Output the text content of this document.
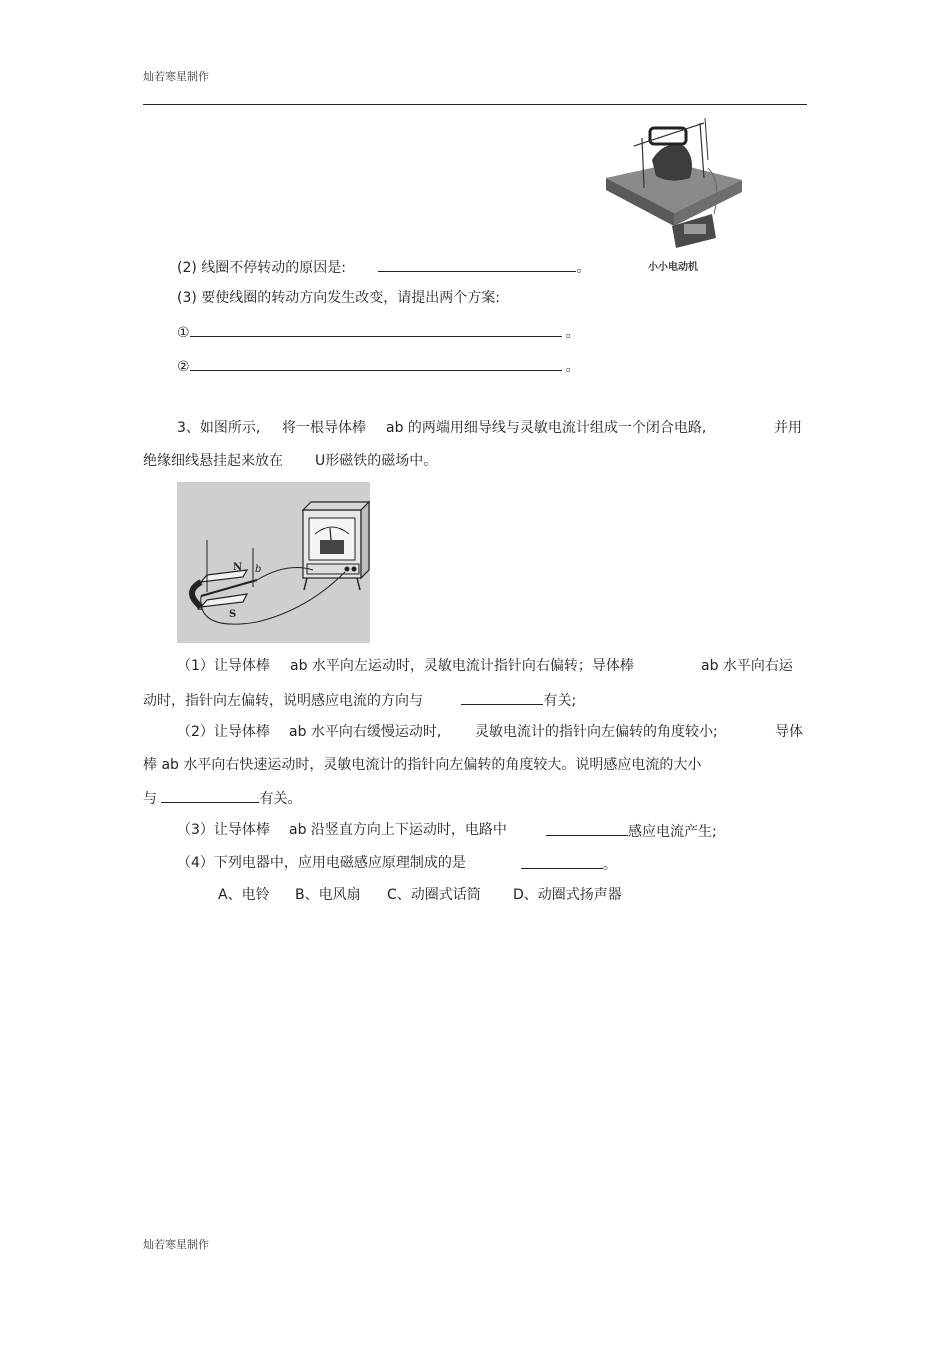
灿若寒星制作
小小电动机
(2) 线圈不停转动的原因是:	。
(3) 要使线圈的转动方向发生改变，请提出两个方案:
①	。
②	。
3、如图所示, 将一根导体棒 ab 的两端用细导线与灵敏电流计组成一个闭合电路,	并用
绝缘细线悬挂起来放在 U形磁铁的磁场中。
N b
a
S
（1）让导体棒 ab 水平向左运动时，灵敏电流计指针向右偏转；导体棒	ab 水平向右运
动时，指针向左偏转，说明感应电流的方向与	有关;
（2）让导体棒 ab 水平向右缓慢运动时, 灵敏电流计的指针向左偏转的角度较小;	导体
棒 ab 水平向右快速运动时，灵敏电流计的指针向左偏转的角度较大。说明感应电流的大小
与	有关。
（3）让导体棒 ab 沿竖直方向上下运动时，电路中	感应电流产生;
（4）下列电器中，应用电磁感应原理制成的是	。
A、电铃 B、电风扇 C、动圈式话筒 D、动圈式扬声器
灿若寒星制作
